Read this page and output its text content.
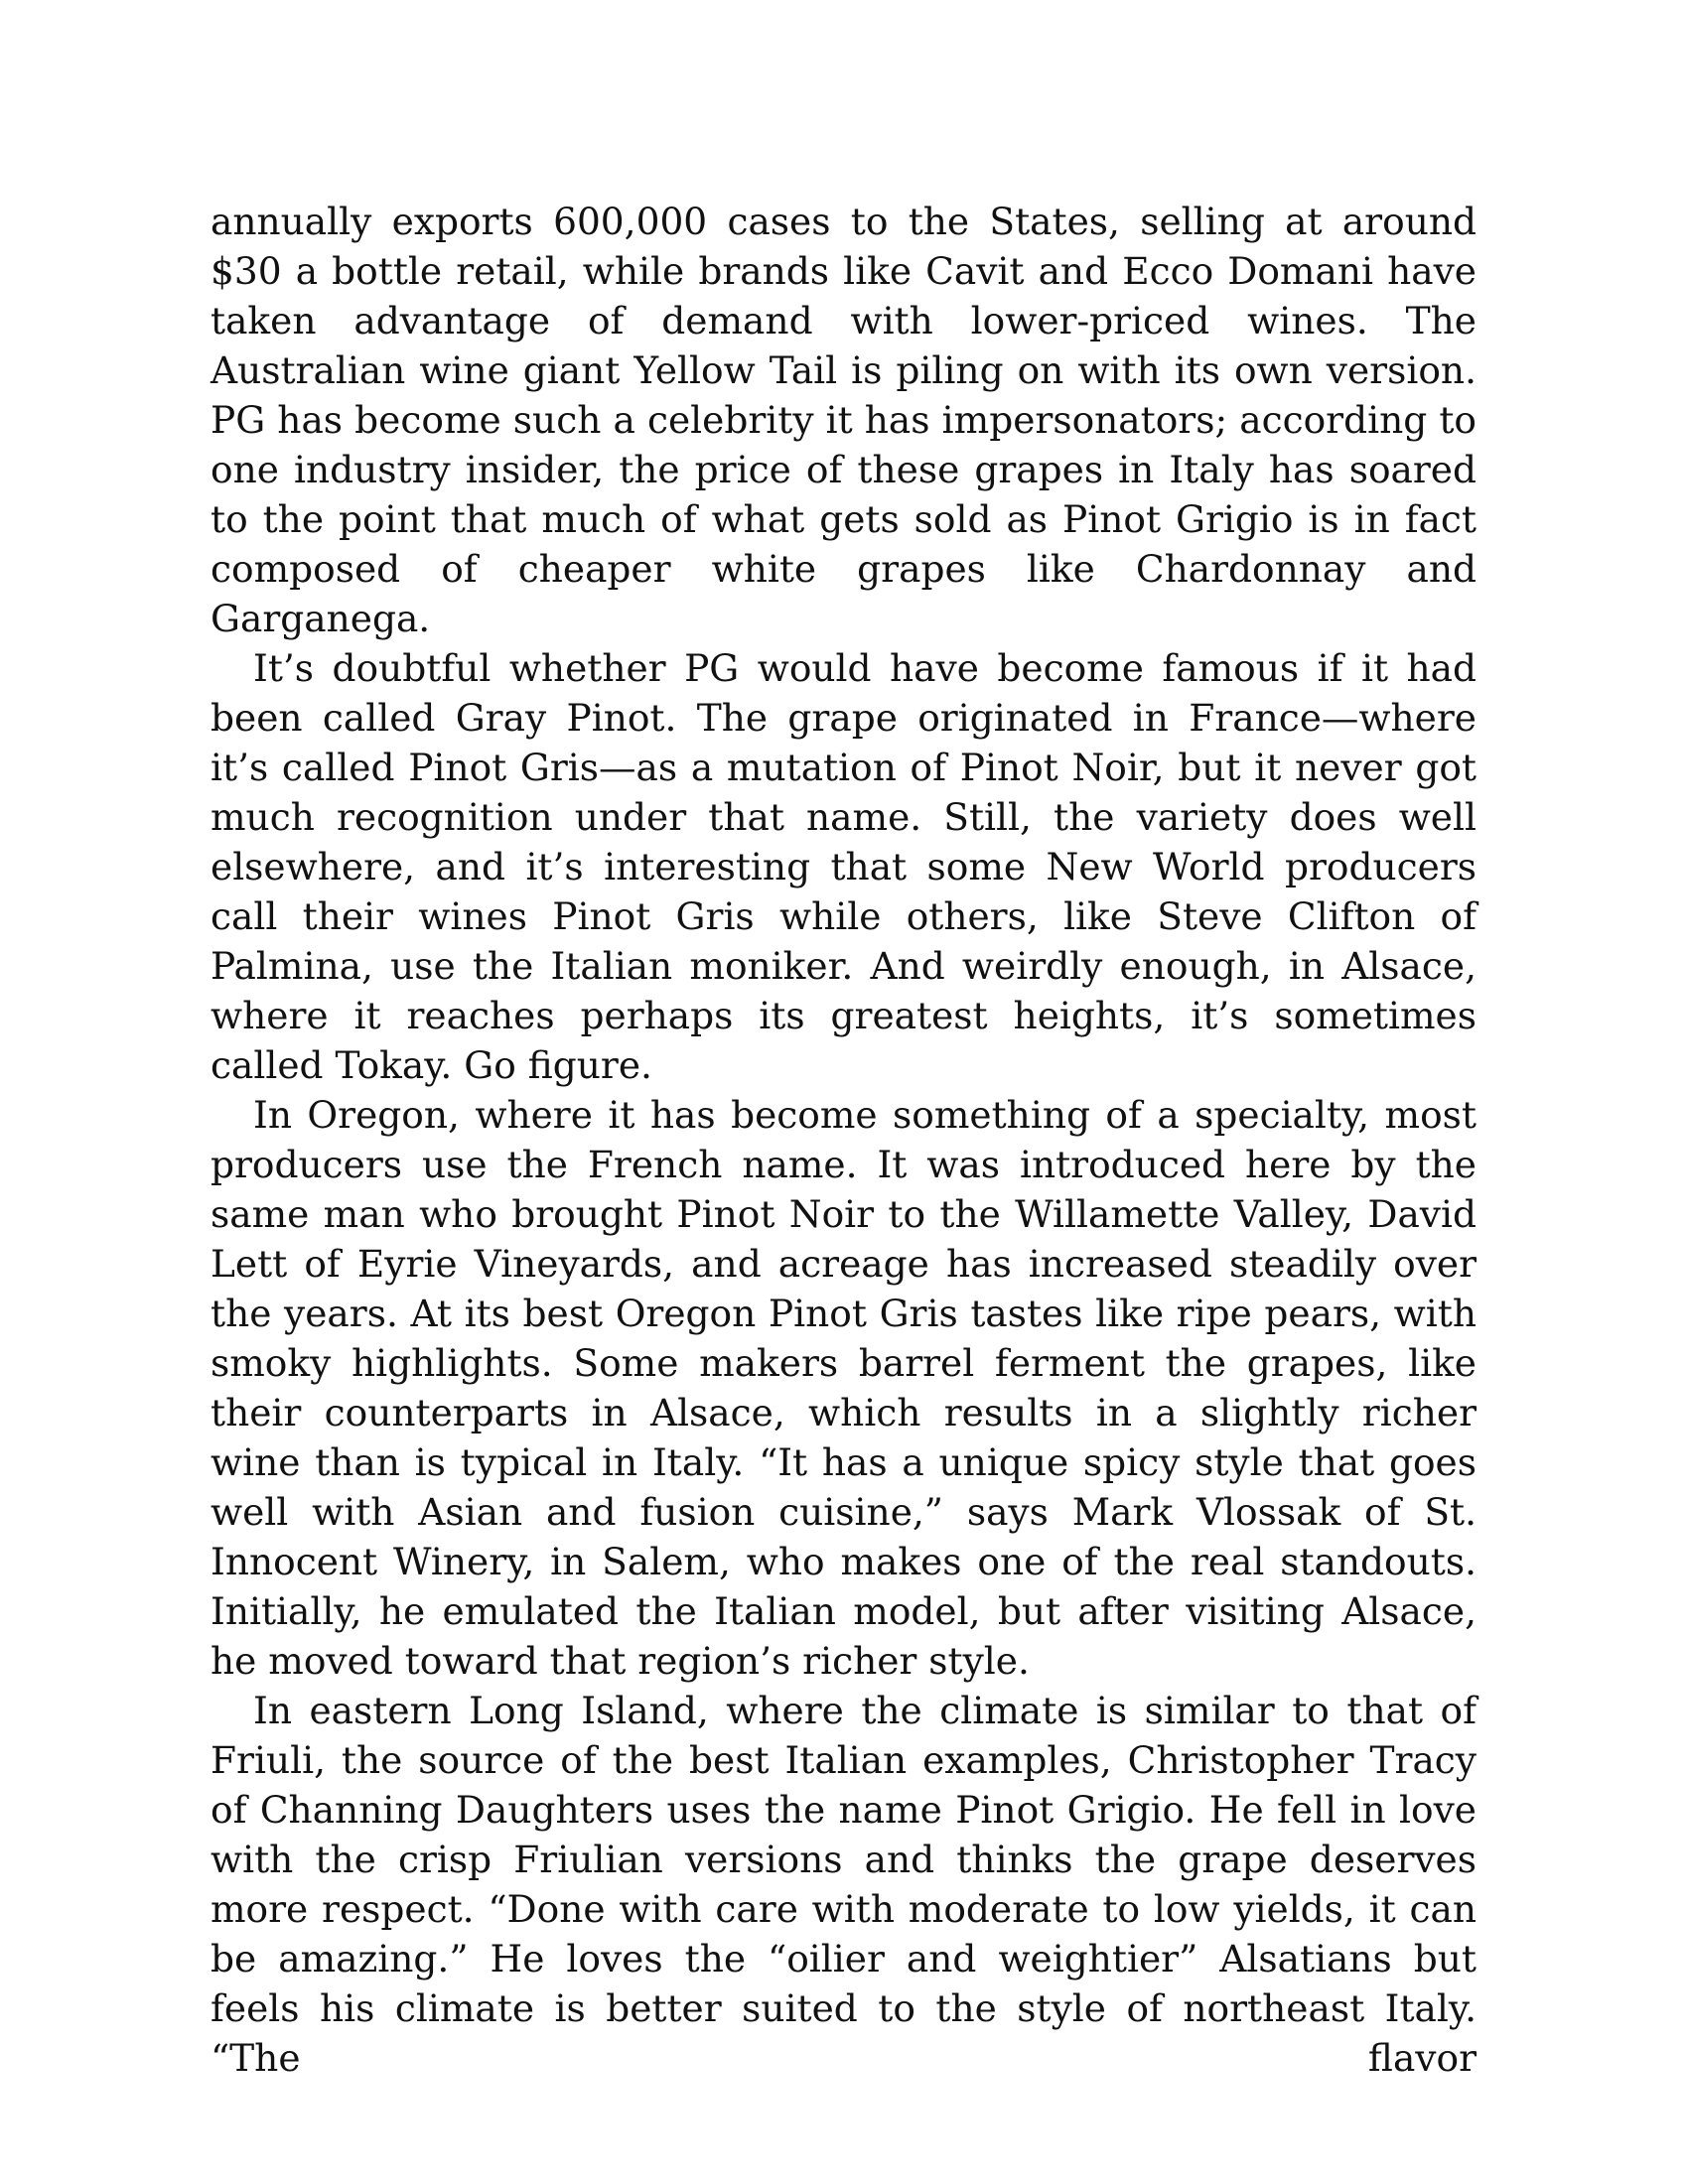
annually exports 600,000 cases to the States, selling at around $30 a bottle retail, while brands like Cavit and Ecco Domani have taken advantage of demand with lower-priced wines. The Australian wine giant Yellow Tail is piling on with its own version. PG has become such a celebrity it has impersonators; according to one industry insider, the price of these grapes in Italy has soared to the point that much of what gets sold as Pinot Grigio is in fact composed of cheaper white grapes like Chardonnay and Garganega.

It’s doubtful whether PG would have become famous if it had been called Gray Pinot. The grape originated in France—where it’s called Pinot Gris—as a mutation of Pinot Noir, but it never got much recognition under that name. Still, the variety does well elsewhere, and it’s interesting that some New World producers call their wines Pinot Gris while others, like Steve Clifton of Palmina, use the Italian moniker. And weirdly enough, in Alsace, where it reaches perhaps its greatest heights, it’s sometimes called Tokay. Go figure.

In Oregon, where it has become something of a specialty, most producers use the French name. It was introduced here by the same man who brought Pinot Noir to the Willamette Valley, David Lett of Eyrie Vineyards, and acreage has increased steadily over the years. At its best Oregon Pinot Gris tastes like ripe pears, with smoky highlights. Some makers barrel ferment the grapes, like their counterparts in Alsace, which results in a slightly richer wine than is typical in Italy. “It has a unique spicy style that goes well with Asian and fusion cuisine,” says Mark Vlossak of St. Innocent Winery, in Salem, who makes one of the real standouts. Initially, he emulated the Italian model, but after visiting Alsace, he moved toward that region’s richer style.

In eastern Long Island, where the climate is similar to that of Friuli, the source of the best Italian examples, Christopher Tracy of Channing Daughters uses the name Pinot Grigio. He fell in love with the crisp Friulian versions and thinks the grape deserves more respect. “Done with care with moderate to low yields, it can be amazing.” He loves the “oilier and weightier” Alsatians but feels his climate is better suited to the style of northeast Italy. “The flavor
